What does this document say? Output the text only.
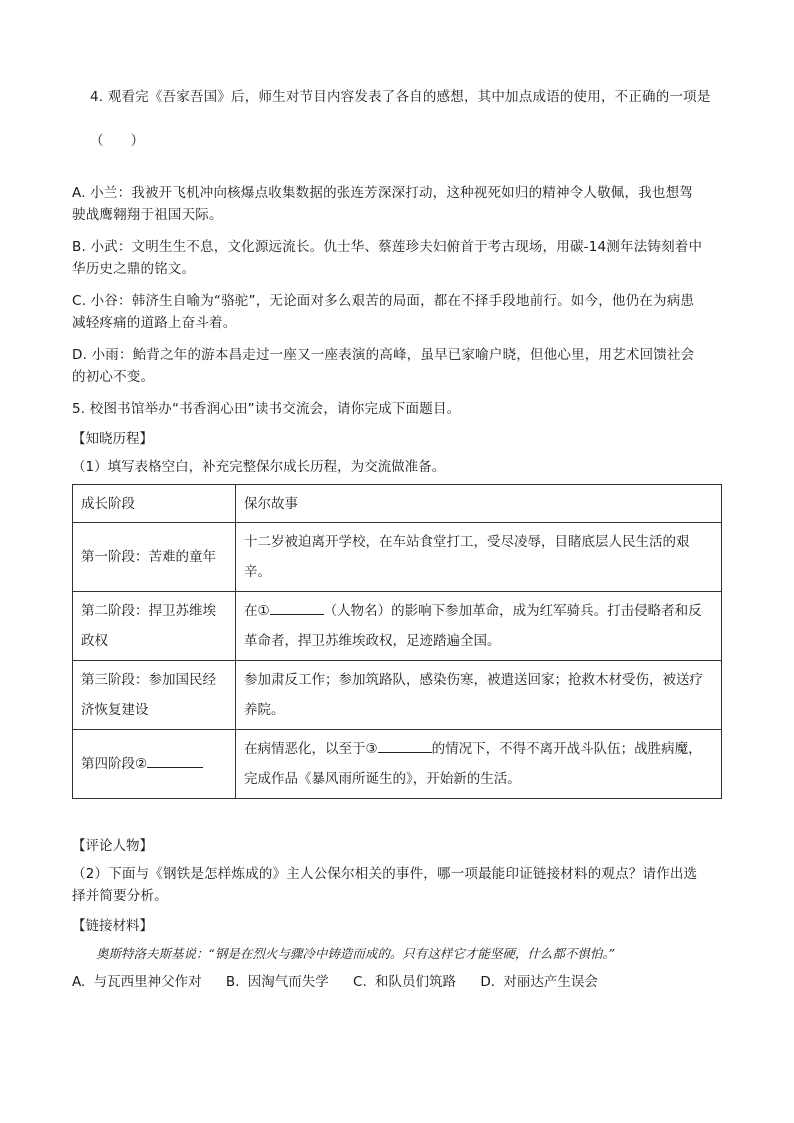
4. 观看完《吾家吾国》后，师生对节目内容发表了各自的感想，其中加点成语的使用，不正确的一项是

（      ）

A. 小兰：我被开飞机冲向核爆点收集数据的张连芳深深打动，这种视死如归的精神令人敬佩，我也想驾
驶战鹰翱翔于祖国天际。
B. 小武：文明生生不息，文化源远流长。仇士华、蔡莲珍夫妇俯首于考古现场，用碳-14测年法铸刻着中
华历史之鼎的铭文。
C. 小谷：韩济生自喻为“骆驼”，无论面对多么艰苦的局面，都在不择手段地前行。如今，他仍在为病患
减轻疼痛的道路上奋斗着。
D. 小雨：鲐背之年的游本昌走过一座又一座表演的高峰，虽早已家喻户晓，但他心里，用艺术回馈社会
的初心不变。
5. 校图书馆举办“书香润心田”读书交流会，请你完成下面题目。
【知晓历程】
（1）填写表格空白，补充完整保尔成长历程，为交流做准备。
成长阶段	保尔故事
第一阶段：苦难的童年	十二岁被迫离开学校，在车站食堂打工，受尽凌辱，目睹底层人民生活的艰辛。
第二阶段：捍卫苏维埃政权	在① （人物名）的影响下参加革命，成为红军骑兵。打击侵略者和反革命者，捍卫苏维埃政权，足迹踏遍全国。
第三阶段：参加国民经济恢复建设	参加肃反工作；参加筑路队，感染伤寒，被遣送回家；抢救木材受伤，被送疗养院。
第四阶段②	在病情恶化，以至于③ 的情况下，不得不离开战斗队伍；战胜病魔，完成作品《暴风雨所诞生的》，开始新的生活。
【评论人物】
（2）下面与《钢铁是怎样炼成的》主人公保尔相关的事件，哪一项最能印证链接材料的观点？请作出选
择并简要分析。
【链接材料】
奥斯特洛夫斯基说：“钢是在烈火与骤冷中铸造而成的。只有这样它才能坚硬，什么都不惧怕。”
A. 与瓦西里神父作对 B. 因淘气而失学 C. 和队员们筑路 D. 对丽达产生误会
